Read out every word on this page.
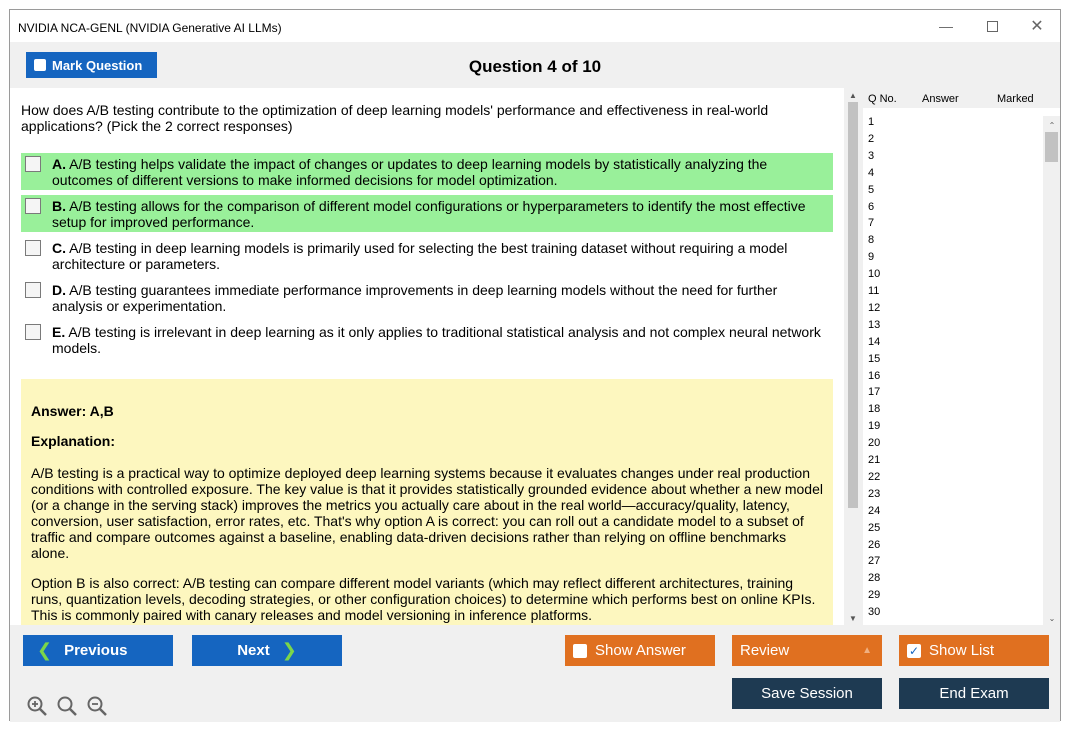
NVIDIA NCA-GENL (NVIDIA Generative AI LLMs)	—	✕
Mark Question	Question 4 of 10
How does A/B testing contribute to the optimization of deep learning models' performance and effectiveness in real-world applications? (Pick the 2 correct responses)
A. A/B testing helps validate the impact of changes or updates to deep learning models by statistically analyzing the outcomes of different versions to make informed decisions for model optimization.
B. A/B testing allows for the comparison of different model configurations or hyperparameters to identify the most effective setup for improved performance.
C. A/B testing in deep learning models is primarily used for selecting the best training dataset without requiring a model architecture or parameters.
D. A/B testing guarantees immediate performance improvements in deep learning models without the need for further analysis or experimentation.
E. A/B testing is irrelevant in deep learning as it only applies to traditional statistical analysis and not complex neural network models.
Answer: A,B
Explanation:
A/B testing is a practical way to optimize deployed deep learning systems because it evaluates changes under real production conditions with controlled exposure. The key value is that it provides statistically grounded evidence about whether a new model (or a change in the serving stack) improves the metrics you actually care about in the real world—accuracy/quality, latency, conversion, user satisfaction, error rates, etc. That's why option A is correct: you can roll out a candidate model to a subset of traffic and compare outcomes against a baseline, enabling data-driven decisions rather than relying on offline benchmarks alone.
Option B is also correct: A/B testing can compare different model variants (which may reflect different architectures, training runs, quantization levels, decoding strategies, or other configuration choices) to determine which performs best on online KPIs. This is commonly paired with canary releases and model versioning in inference platforms.
▲
▼
Q No. Answer	Marked
1
2
3
4
5
6
7
8
9
10
11
12
13
14
15
16
17
18
19
20
21
22
23
24
25
26
27
28
29
30
⌃
⌄
❮ Previous	Next ❯	Show Answer	Review	▲	✓ Show List
Save Session	End Exam
